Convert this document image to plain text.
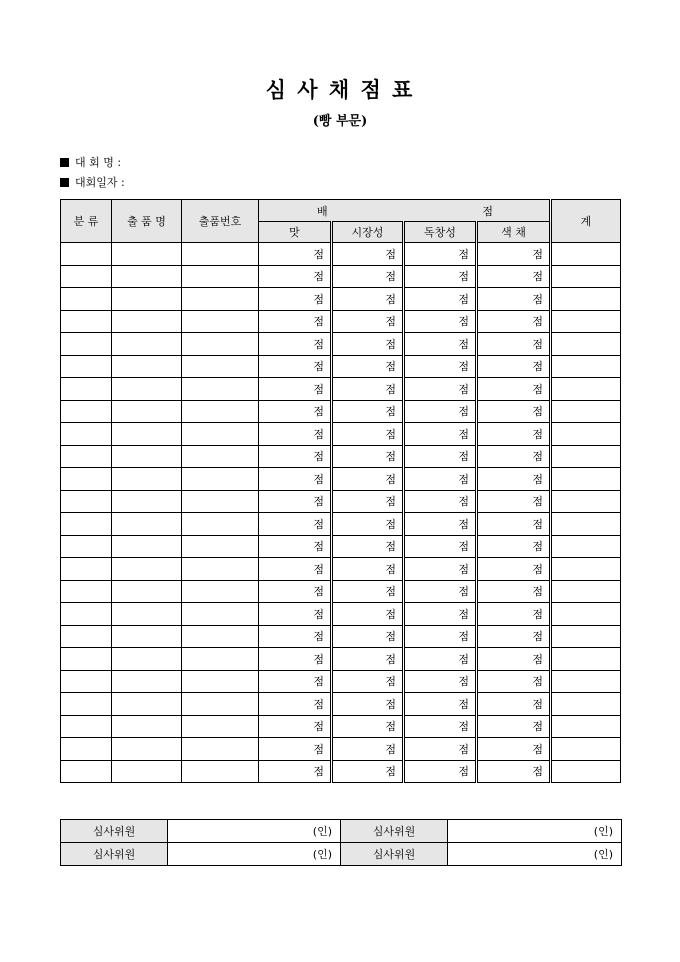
심 사 채 점 표
(빵 부문)
대 회 명 :
대회일자 :
분 류	출 품 명	출품번호	배 점				계
			맛	시장성	독창성	색 채	
			점	점	점	점	
			점	점	점	점	
			점	점	점	점	
			점	점	점	점	
			점	점	점	점	
			점	점	점	점	
			점	점	점	점	
			점	점	점	점	
			점	점	점	점	
			점	점	점	점	
			점	점	점	점	
			점	점	점	점	
			점	점	점	점	
			점	점	점	점	
			점	점	점	점	
			점	점	점	점	
			점	점	점	점	
			점	점	점	점	
			점	점	점	점	
			점	점	점	점	
			점	점	점	점	
			점	점	점	점	
			점	점	점	점	
			점	점	점	점	
심사위원	(인)	심사위원	(인)
심사위원	(인)	심사위원	(인)
